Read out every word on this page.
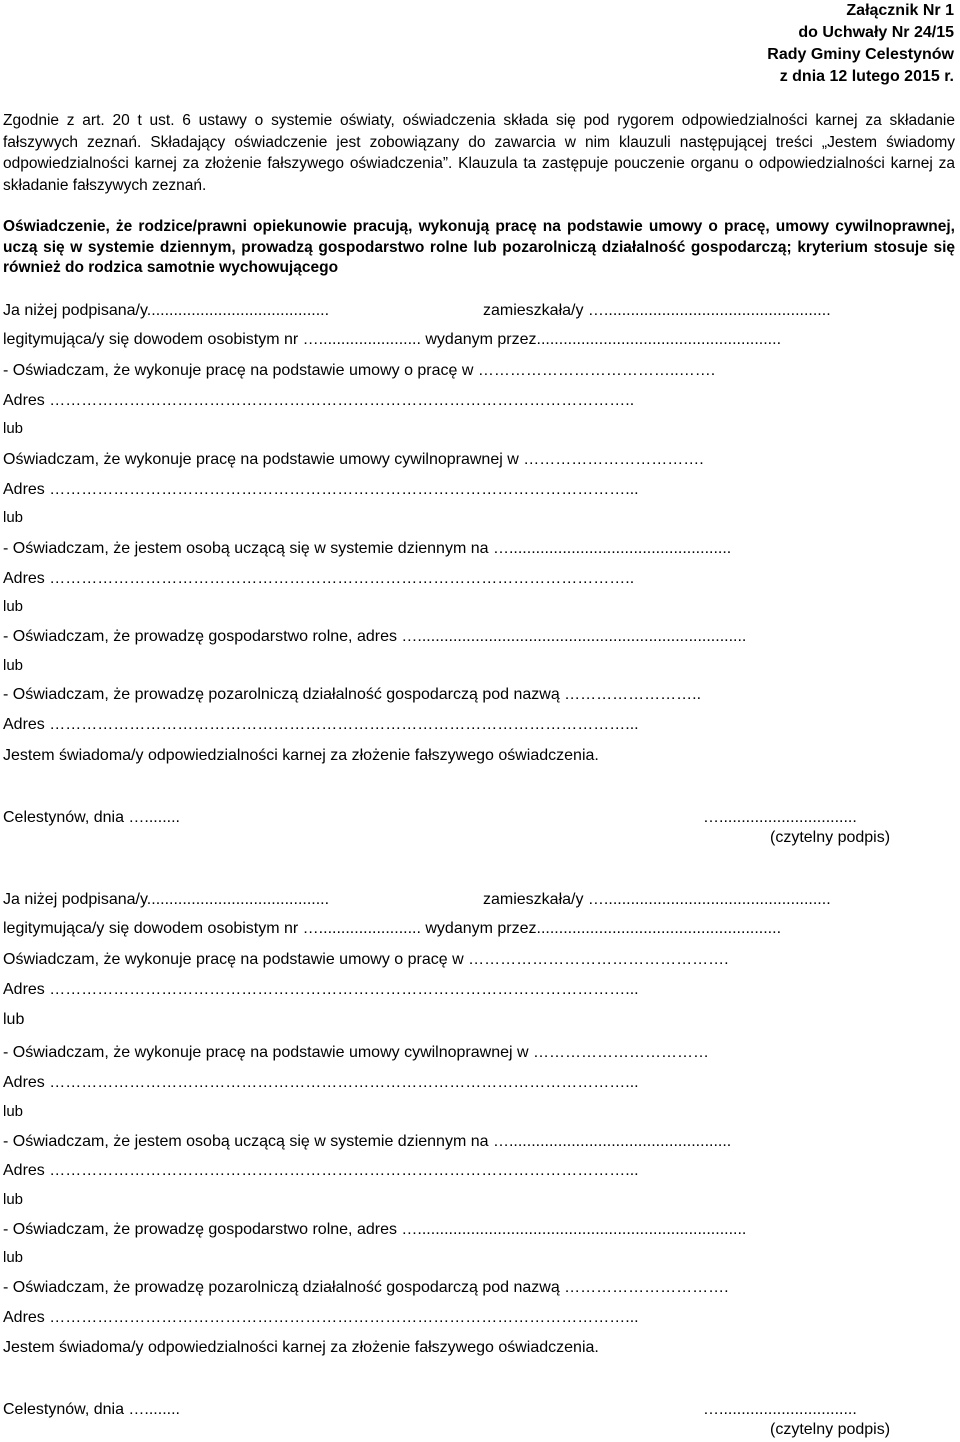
Załącznik Nr 1
do Uchwały Nr 24/15
Rady Gminy Celestynów
z dnia 12 lutego 2015 r.
Zgodnie z art. 20 t ust. 6 ustawy o systemie oświaty, oświadczenia składa się pod rygorem odpowiedzialności karnej za składanie fałszywych zeznań. Składający oświadczenie jest zobowiązany do zawarcia w nim klauzuli następującej treści „Jestem świadomy odpowiedzialności karnej za złożenie fałszywego oświadczenia”. Klauzula ta zastępuje pouczenie organu o odpowiedzialności karnej za składanie fałszywych zeznań.
Oświadczenie, że rodzice/prawni opiekunowie pracują, wykonują pracę na podstawie umowy o pracę, umowy cywilnoprawnej, uczą się w systemie dziennym, prowadzą gospodarstwo rolne lub pozarolniczą działalność gospodarczą; kryterium stosuje się również do rodzica samotnie wychowującego
Ja niżej podpisana/y.........................................	zamieszkała/y …...................................................
legitymująca/y się dowodem osobistym nr …....................... wydanym przez.......................................................
- Oświadczam, że wykonuje pracę na podstawie umowy o pracę w ………………………………..…….
Adres ………………………………………………………………………………………………..
lub
Oświadczam, że wykonuje pracę na podstawie umowy cywilnoprawnej w …………………………….
Adres ………………………………………………………………………………………………...
lub
- Oświadczam, że jestem osobą uczącą się w systemie dziennym na …..................................................
Adres ………………………………………………………………………………………………..
lub
- Oświadczam, że prowadzę gospodarstwo rolne, adres …..........................................................................
lub
- Oświadczam, że prowadzę pozarolniczą działalność gospodarczą pod nazwą ……………………..
Adres ………………………………………………………………………………………………...
Jestem świadoma/y odpowiedzialności karnej za złożenie fałszywego oświadczenia.
Celestynów, dnia …........	…...............................
(czytelny podpis)
Ja niżej podpisana/y.........................................	zamieszkała/y …...................................................
legitymująca/y się dowodem osobistym nr …....................... wydanym przez.......................................................
Oświadczam, że wykonuje pracę na podstawie umowy o pracę w ………………………………………….
Adres ………………………………………………………………………………………………...
lub
- Oświadczam, że wykonuje pracę na podstawie umowy cywilnoprawnej w ……………………………
Adres ………………………………………………………………………………………………...
lub
- Oświadczam, że jestem osobą uczącą się w systemie dziennym na …..................................................
Adres ………………………………………………………………………………………………...
lub
- Oświadczam, że prowadzę gospodarstwo rolne, adres …..........................................................................
lub
- Oświadczam, że prowadzę pozarolniczą działalność gospodarczą pod nazwą ………………………….
Adres ………………………………………………………………………………………………...
Jestem świadoma/y odpowiedzialności karnej za złożenie fałszywego oświadczenia.
Celestynów, dnia …........	…...............................
(czytelny podpis)
